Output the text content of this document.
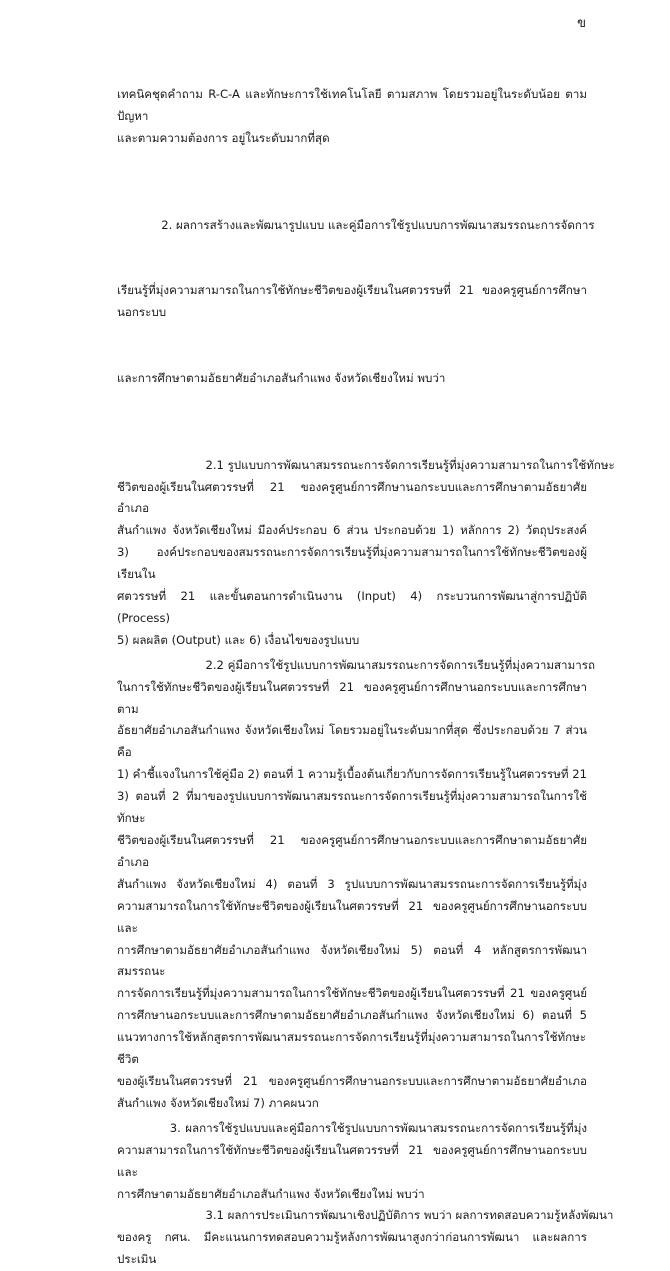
ข

เทคนิคชุดคำถาม R-C-A และทักษะการใช้เทคโนโลยี ตามสภาพ โดยรวมอยู่ในระดับน้อย ตามปัญหา
และตามความต้องการ อยู่ในระดับมากที่สุด

2. ผลการสร้างและพัฒนารูปแบบ และคู่มือการใช้รูปแบบการพัฒนาสมรรถนะการจัดการ

เรียนรู้ที่มุ่งความสามารถในการใช้ทักษะชีวิตของผู้เรียนในศตวรรษที่ 21 ของครูศูนย์การศึกษานอกระบบ

และการศึกษาตามอัธยาศัยอำเภอสันกำแพง จังหวัดเชียงใหม่ พบว่า

2.1 รูปแบบการพัฒนาสมรรถนะการจัดการเรียนรู้ที่มุ่งความสามารถในการใช้ทักษะ
ชีวิตของผู้เรียนในศตวรรษที่ 21 ของครูศูนย์การศึกษานอกระบบและการศึกษาตามอัธยาศัยอำเภอ
สันกำแพง จังหวัดเชียงใหม่ มีองค์ประกอบ 6 ส่วน ประกอบด้วย 1) หลักการ 2) วัตถุประสงค์
3) องค์ประกอบของสมรรถนะการจัดการเรียนรู้ที่มุ่งความสามารถในการใช้ทักษะชีวิตของผู้เรียนใน
ศตวรรษที่ 21 และขั้นตอนการดำเนินงาน (Input) 4) กระบวนการพัฒนาสู่การปฏิบัติ (Process)
5) ผลผลิต (Output) และ 6) เงื่อนไขของรูปแบบ

2.2 คู่มือการใช้รูปแบบการพัฒนาสมรรถนะการจัดการเรียนรู้ที่มุ่งความสามารถ
ในการใช้ทักษะชีวิตของผู้เรียนในศตวรรษที่ 21 ของครูศูนย์การศึกษานอกระบบและการศึกษาตาม
อัธยาศัยอำเภอสันกำแพง จังหวัดเชียงใหม่ โดยรวมอยู่ในระดับมากที่สุด ซึ่งประกอบด้วย 7 ส่วนคือ
1) คำชี้แจงในการใช้คู่มือ 2) ตอนที่ 1 ความรู้เบื้องต้นเกี่ยวกับการจัดการเรียนรู้ในศตวรรษที่ 21
3) ตอนที่ 2 ที่มาของรูปแบบการพัฒนาสมรรถนะการจัดการเรียนรู้ที่มุ่งความสามารถในการใช้ทักษะ
ชีวิตของผู้เรียนในศตวรรษที่ 21 ของครูศูนย์การศึกษานอกระบบและการศึกษาตามอัธยาศัยอำเภอ
สันกำแพง จังหวัดเชียงใหม่ 4) ตอนที่ 3 รูปแบบการพัฒนาสมรรถนะการจัดการเรียนรู้ที่มุ่ง
ความสามารถในการใช้ทักษะชีวิตของผู้เรียนในศตวรรษที่ 21 ของครูศูนย์การศึกษานอกระบบและ
การศึกษาตามอัธยาศัยอำเภอสันกำแพง จังหวัดเชียงใหม่ 5) ตอนที่ 4 หลักสูตรการพัฒนาสมรรถนะ
การจัดการเรียนรู้ที่มุ่งความสามารถในการใช้ทักษะชีวิตของผู้เรียนในศตวรรษที่ 21 ของครูศูนย์
การศึกษานอกระบบและการศึกษาตามอัธยาศัยอำเภอสันกำแพง จังหวัดเชียงใหม่ 6) ตอนที่ 5
แนวทางการใช้หลักสูตรการพัฒนาสมรรถนะการจัดการเรียนรู้ที่มุ่งความสามารถในการใช้ทักษะชีวิต
ของผู้เรียนในศตวรรษที่ 21 ของครูศูนย์การศึกษานอกระบบและการศึกษาตามอัธยาศัยอำเภอ
สันกำแพง จังหวัดเชียงใหม่ 7) ภาคผนวก

3. ผลการใช้รูปแบบและคู่มือการใช้รูปแบบการพัฒนาสมรรถนะการจัดการเรียนรู้ที่มุ่ง
ความสามารถในการใช้ทักษะชีวิตของผู้เรียนในศตวรรษที่ 21 ของครูศูนย์การศึกษานอกระบบและ
การศึกษาตามอัธยาศัยอำเภอสันกำแพง จังหวัดเชียงใหม่ พบว่า

3.1 ผลการประเมินการพัฒนาเชิงปฏิบัติการ พบว่า ผลการทดสอบความรู้หลังพัฒนา
ของครู กศน. มีคะแนนการทดสอบความรู้หลังการพัฒนาสูงกว่าก่อนการพัฒนา และผลการประเมิน
